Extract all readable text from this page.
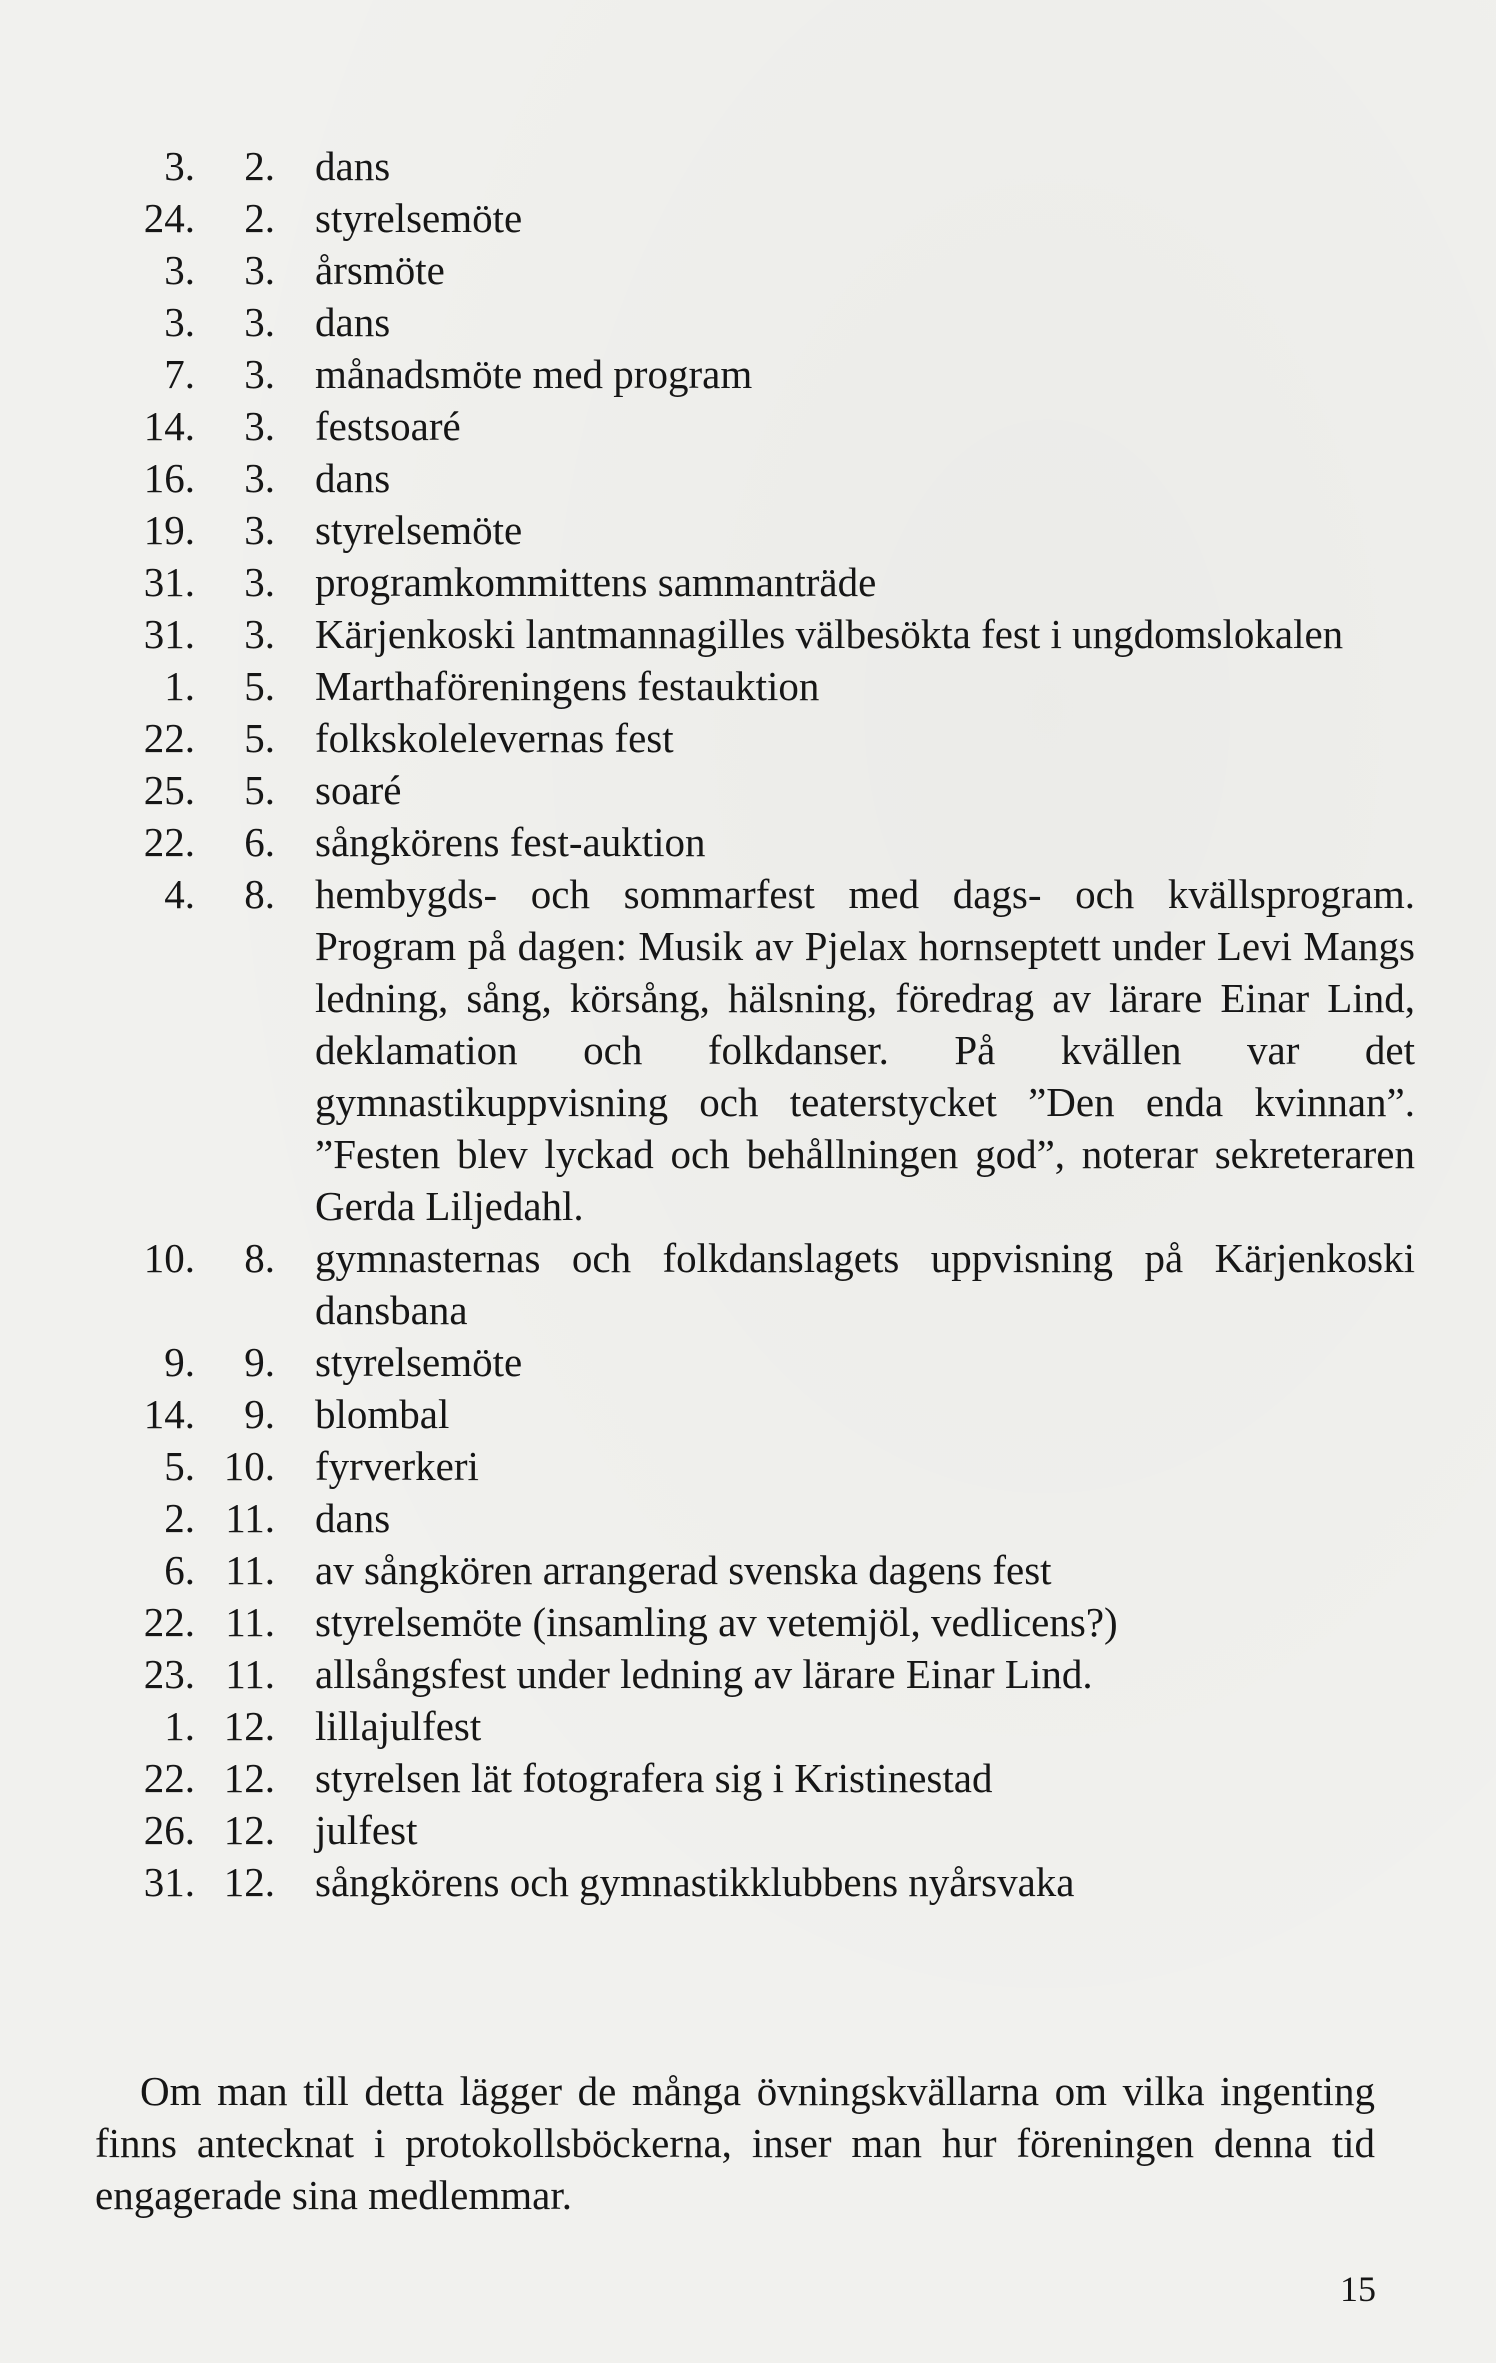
3.	2. dans
24.	2. styrelsemöte
3.	3. årsmöte
3.	3. dans
7.	3. månadsmöte med program
14.	3. festsoaré
16.	3. dans
19.	3. styrelsemöte
31.	3. programkommittens sammanträde
31.	3. Kärjenkoski lantmannagilles välbesökta fest i ungdomslokalen
1.	5. Marthaföreningens festauktion
22.	5. folkskolelevernas fest
25.	5. soaré
22.	6. sångkörens fest-auktion
4.	8. hembygds- och sommarfest med dags- och kvällsprogram. Program på dagen: Musik av Pjelax hornseptett under Levi Mangs ledning, sång, körsång, hälsning, föredrag av lärare Einar Lind, deklamation och folkdanser. På kvällen var det gymnastikuppvisning och teaterstycket ”Den enda kvinnan”. ”Festen blev lyckad och behållningen god”, noterar sekreteraren Gerda Liljedahl.
10.	8. gymnasternas och folkdanslagets uppvisning på Kärjenkoski dansbana
9.	9. styrelsemöte
14.	9. blombal
5. 10. fyrverkeri
2. 11. dans
6. 11. av sångkören arrangerad svenska dagens fest
22. 11. styrelsemöte (insamling av vetemjöl, vedlicens?)
23. 11. allsångsfest under ledning av lärare Einar Lind.
1. 12. lillajulfest
22. 12. styrelsen lät fotografera sig i Kristinestad
26. 12. julfest
31. 12. sångkörens och gymnastikklubbens nyårsvaka

Om man till detta lägger de många övningskvällarna om vilka ingenting finns antecknat i protokollsböckerna, inser man hur föreningen denna tid engagerade sina medlemmar.

15
